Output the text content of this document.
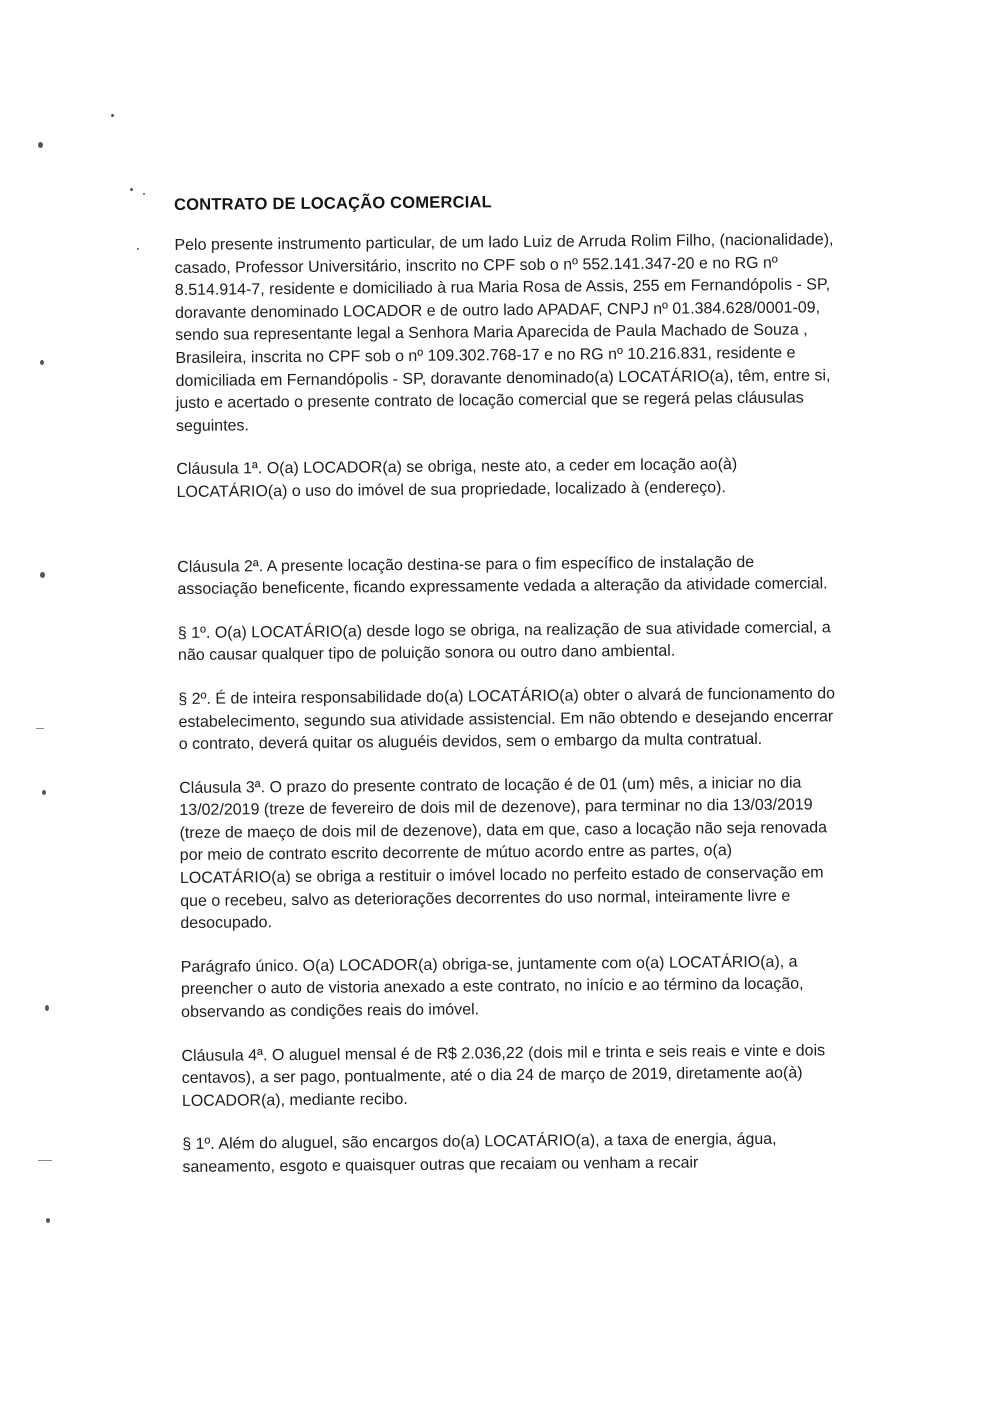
CONTRATO DE LOCAÇÃO COMERCIAL

Pelo presente instrumento particular, de um lado Luiz de Arruda Rolim Filho, (nacionalidade), casado, Professor Universitário, inscrito no CPF sob o nº 552.141.347-20 e no RG nº 8.514.914-7, residente e domiciliado à rua Maria Rosa de Assis, 255 em Fernandópolis - SP, doravante denominado LOCADOR e de outro lado APADAF, CNPJ nº 01.384.628/0001-09, sendo sua representante legal a Senhora Maria Aparecida de Paula Machado de Souza , Brasileira, inscrita no CPF sob o nº 109.302.768-17 e no RG nº 10.216.831, residente e domiciliada em Fernandópolis - SP, doravante denominado(a) LOCATÁRIO(a), têm, entre si, justo e acertado o presente contrato de locação comercial que se regerá pelas cláusulas seguintes.

Cláusula 1ª. O(a) LOCADOR(a) se obriga, neste ato, a ceder em locação ao(à) LOCATÁRIO(a) o uso do imóvel de sua propriedade, localizado à (endereço).

Cláusula 2ª. A presente locação destina-se para o fim específico de instalação de associação beneficente, ficando expressamente vedada a alteração da atividade comercial.

§ 1º. O(a) LOCATÁRIO(a) desde logo se obriga, na realização de sua atividade comercial, a não causar qualquer tipo de poluição sonora ou outro dano ambiental.

§ 2º. É de inteira responsabilidade do(a) LOCATÁRIO(a) obter o alvará de funcionamento do estabelecimento, segundo sua atividade assistencial. Em não obtendo e desejando encerrar o contrato, deverá quitar os aluguéis devidos, sem o embargo da multa contratual.

Cláusula 3ª. O prazo do presente contrato de locação é de 01 (um) mês, a iniciar no dia 13/02/2019 (treze de fevereiro de dois mil de dezenove), para terminar no dia 13/03/2019 (treze de maeço de dois mil de dezenove), data em que, caso a locação não seja renovada por meio de contrato escrito decorrente de mútuo acordo entre as partes, o(a) LOCATÁRIO(a) se obriga a restituir o imóvel locado no perfeito estado de conservação em que o recebeu, salvo as deteriorações decorrentes do uso normal, inteiramente livre e desocupado.

Parágrafo único. O(a) LOCADOR(a) obriga-se, juntamente com o(a) LOCATÁRIO(a), a preencher o auto de vistoria anexado a este contrato, no início e ao término da locação, observando as condições reais do imóvel.

Cláusula 4ª. O aluguel mensal é de R$ 2.036,22 (dois mil e trinta e seis reais e vinte e dois centavos), a ser pago, pontualmente, até o dia 24 de março de 2019, diretamente ao(à) LOCADOR(a), mediante recibo.

§ 1º. Além do aluguel, são encargos do(a) LOCATÁRIO(a), a taxa de energia, água, saneamento, esgoto e quaisquer outras que recaiam ou venham a recair
